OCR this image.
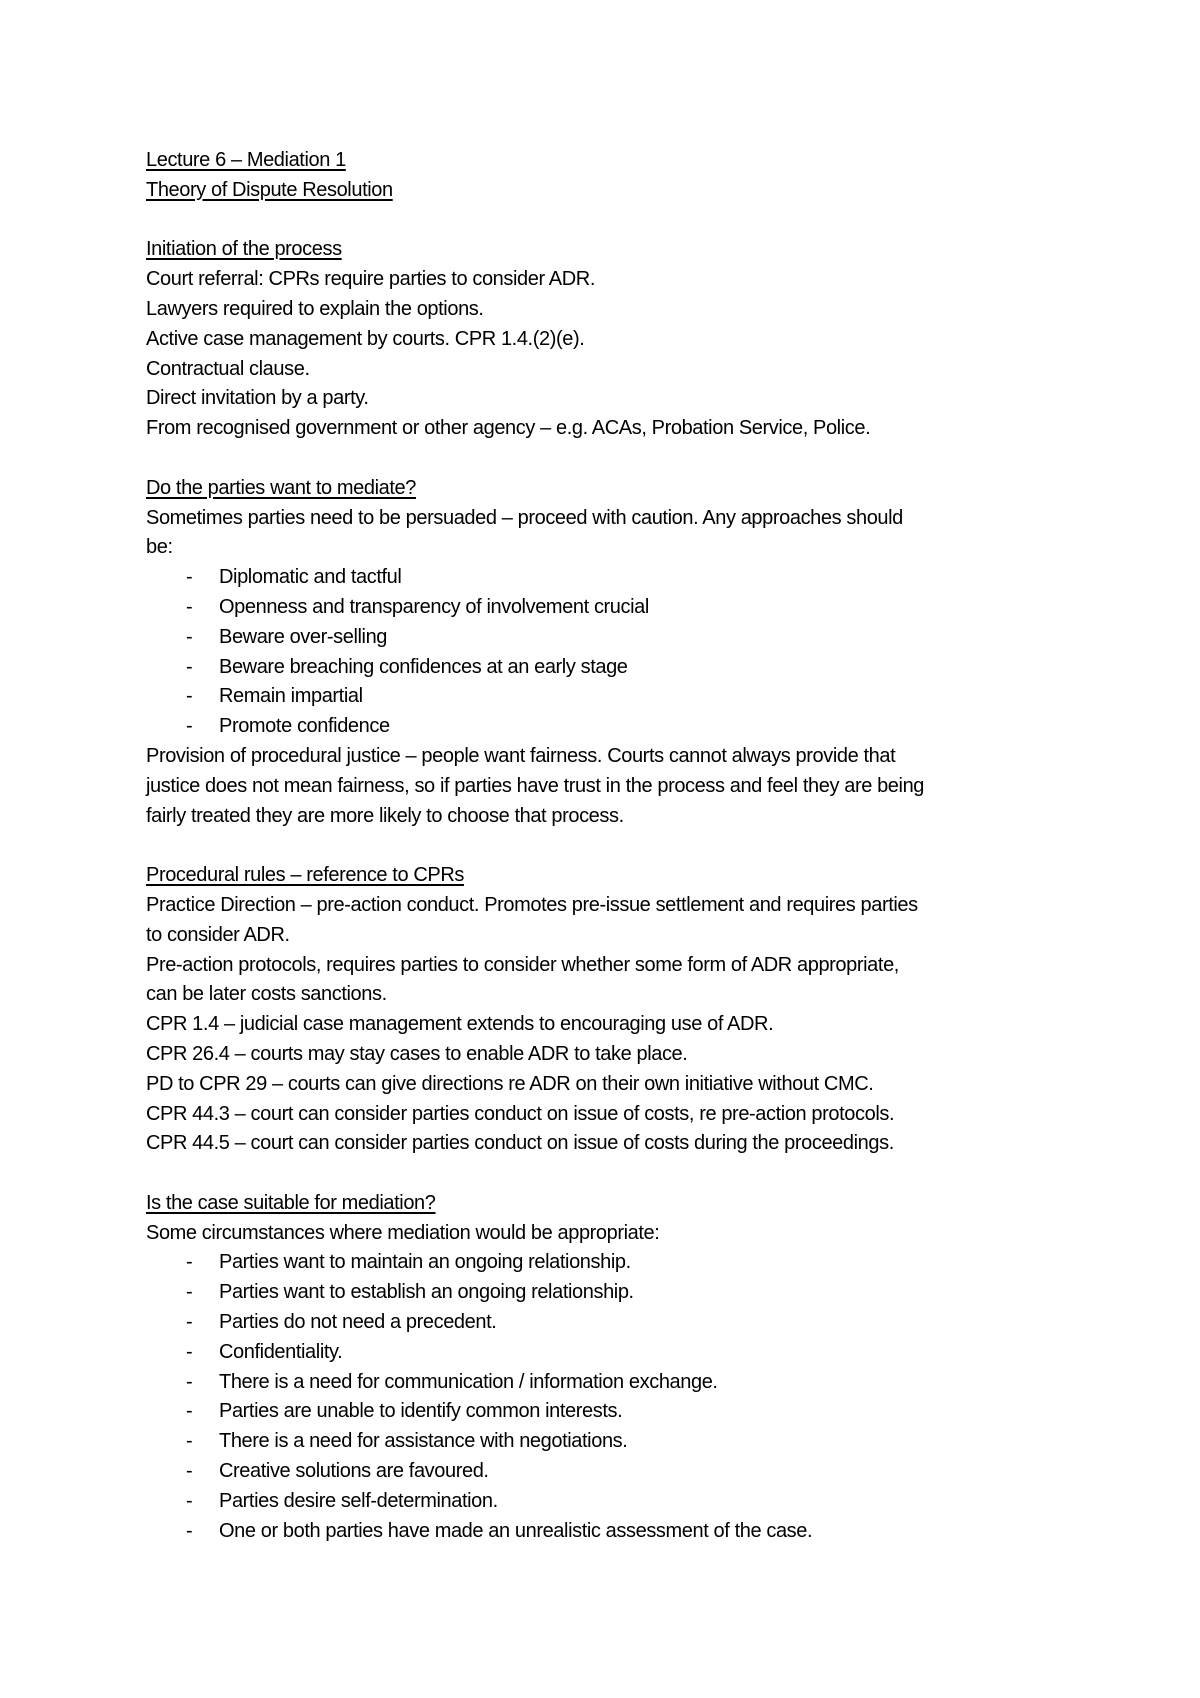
Lecture 6 – Mediation 1
Theory of Dispute Resolution
Initiation of the process
Court referral: CPRs require parties to consider ADR.
Lawyers required to explain the options.
Active case management by courts. CPR 1.4.(2)(e).
Contractual clause.
Direct invitation by a party.
From recognised government or other agency – e.g. ACAs, Probation Service, Police.
Do the parties want to mediate?
Sometimes parties need to be persuaded – proceed with caution. Any approaches should
be:
- Diplomatic and tactful
- Openness and transparency of involvement crucial
- Beware over-selling
- Beware breaching confidences at an early stage
- Remain impartial
- Promote confidence
Provision of procedural justice – people want fairness. Courts cannot always provide that
justice does not mean fairness, so if parties have trust in the process and feel they are being
fairly treated they are more likely to choose that process.
Procedural rules – reference to CPRs
Practice Direction – pre-action conduct. Promotes pre-issue settlement and requires parties
to consider ADR.
Pre-action protocols, requires parties to consider whether some form of ADR appropriate,
can be later costs sanctions.
CPR 1.4 – judicial case management extends to encouraging use of ADR.
CPR 26.4 – courts may stay cases to enable ADR to take place.
PD to CPR 29 – courts can give directions re ADR on their own initiative without CMC.
CPR 44.3 – court can consider parties conduct on issue of costs, re pre-action protocols.
CPR 44.5 – court can consider parties conduct on issue of costs during the proceedings.
Is the case suitable for mediation?
Some circumstances where mediation would be appropriate:
- Parties want to maintain an ongoing relationship.
- Parties want to establish an ongoing relationship.
- Parties do not need a precedent.
- Confidentiality.
- There is a need for communication / information exchange.
- Parties are unable to identify common interests.
- There is a need for assistance with negotiations.
- Creative solutions are favoured.
- Parties desire self-determination.
- One or both parties have made an unrealistic assessment of the case.
